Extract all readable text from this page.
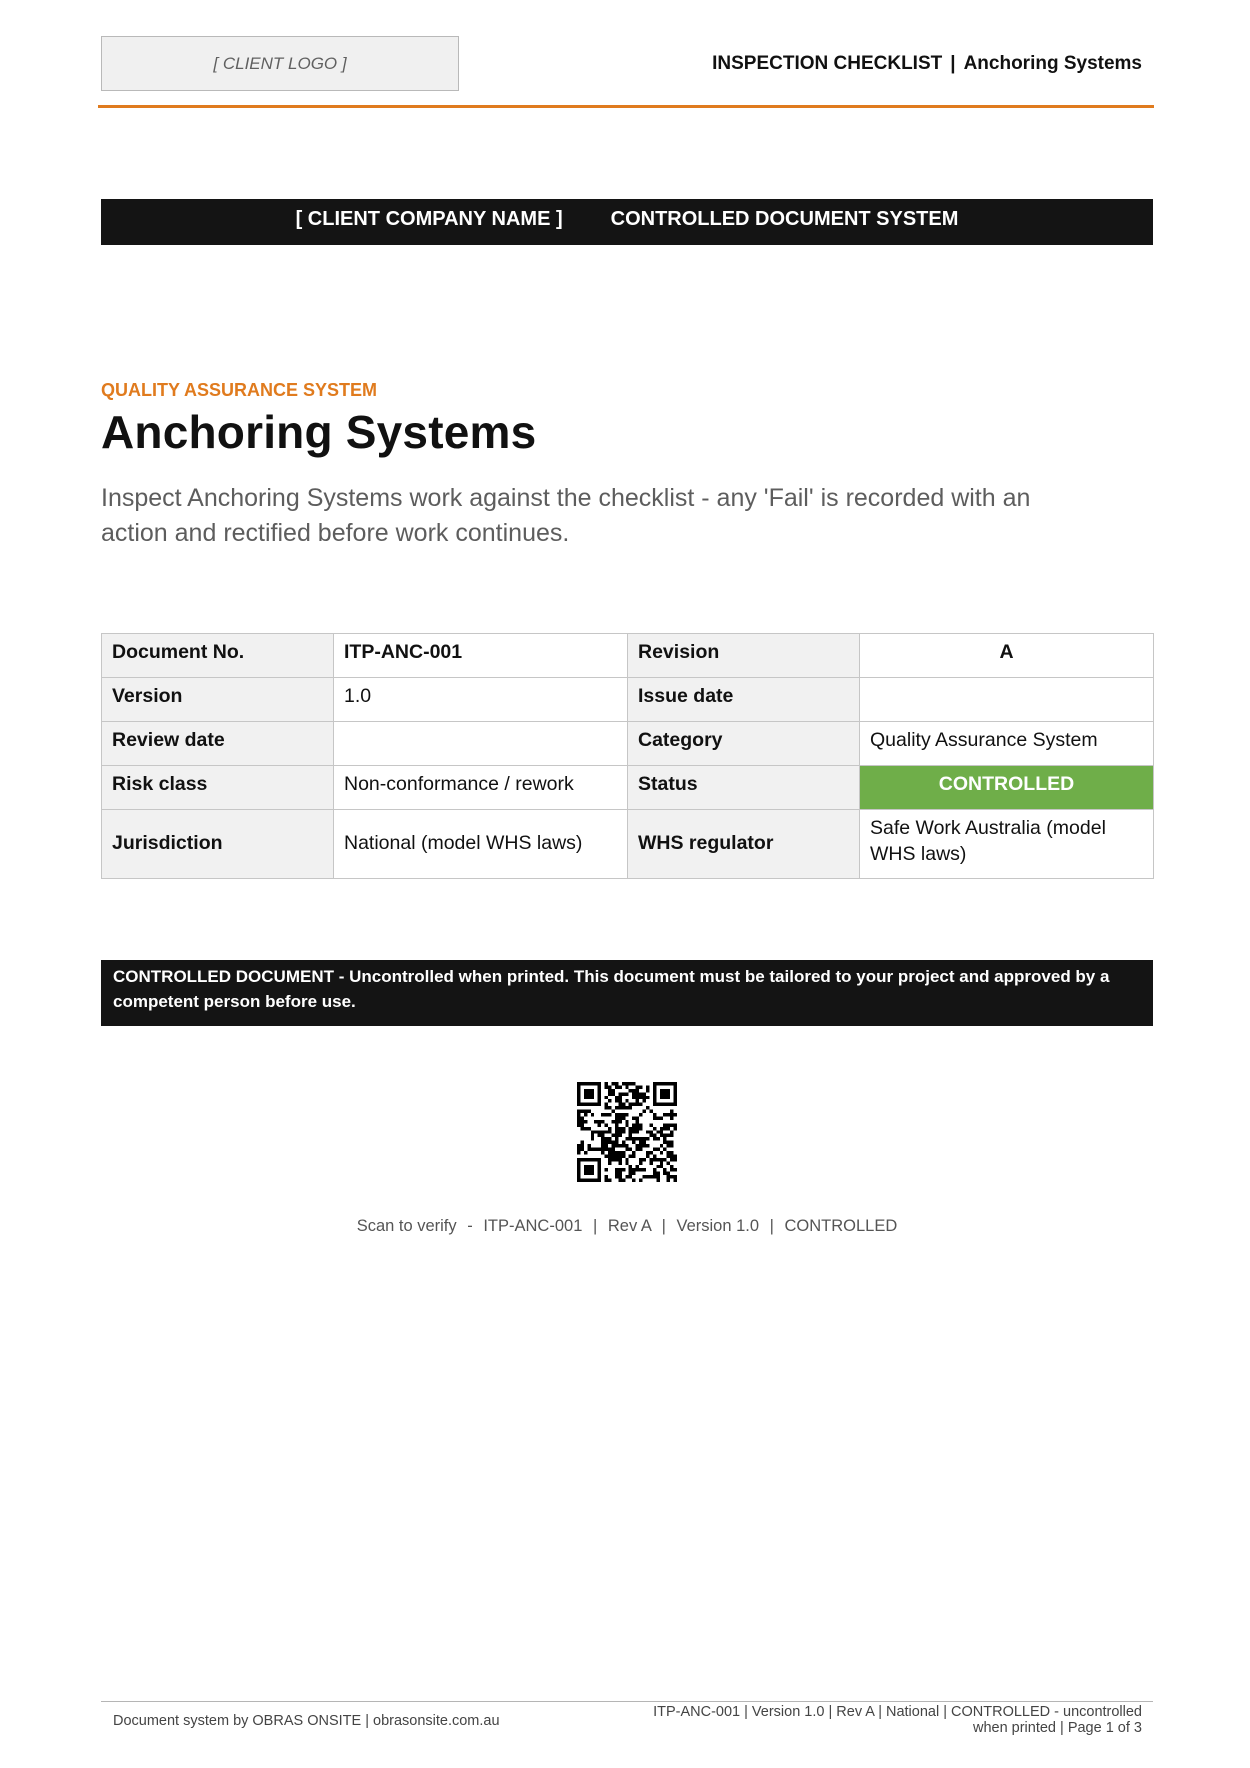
[ CLIENT LOGO ]	INSPECTION CHECKLIST | Anchoring Systems
[ CLIENT COMPANY NAME ] CONTROLLED DOCUMENT SYSTEM
QUALITY ASSURANCE SYSTEM
Anchoring Systems
Inspect Anchoring Systems work against the checklist - any 'Fail' is recorded with an action and rectified before work continues.
Document No.	ITP-ANC-001	Revision	A
Version	1.0	Issue date	
Review date		Category	Quality Assurance System
Risk class	Non-conformance / rework	Status	CONTROLLED
Jurisdiction	National (model WHS laws)	WHS regulator	Safe Work Australia (model WHS laws)
CONTROLLED DOCUMENT - Uncontrolled when printed. This document must be tailored to your project and approved by a competent person before use.
Scan to verify - ITP-ANC-001 | Rev A | Version 1.0 | CONTROLLED
Document system by OBRAS ONSITE | obrasonsite.com.au
ITP-ANC-001 | Version 1.0 | Rev A | National | CONTROLLED - uncontrolled
when printed | Page 1 of 3
